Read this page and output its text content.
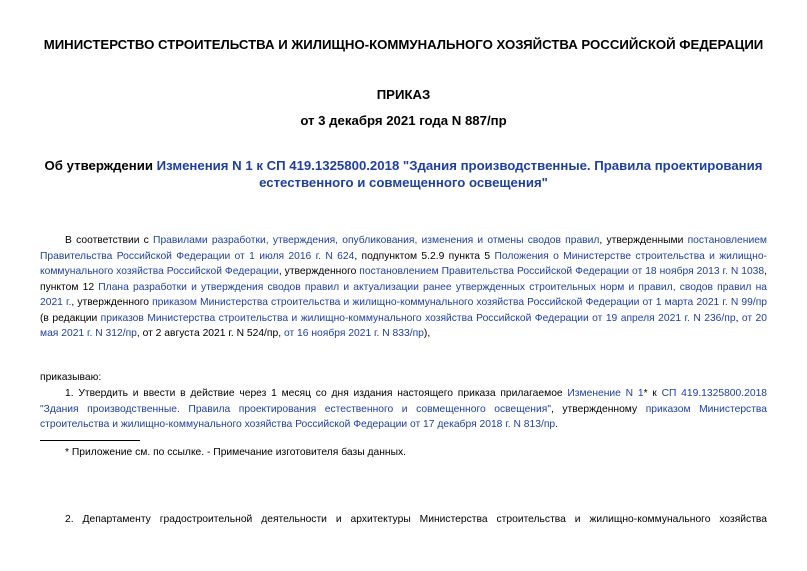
МИНИСТЕРСТВО СТРОИТЕЛЬСТВА И ЖИЛИЩНО-КОММУНАЛЬНОГО ХОЗЯЙСТВА РОССИЙСКОЙ ФЕДЕРАЦИИ
ПРИКАЗ
от 3 декабря 2021 года N 887/пр
Об утверждении Изменения N 1 к СП 419.1325800.2018 "Здания производственные. Правила проектирования естественного и совмещенного освещения"
В соответствии с Правилами разработки, утверждения, опубликования, изменения и отмены сводов правил, утвержденными постановлением Правительства Российской Федерации от 1 июля 2016 г. N 624, подпунктом 5.2.9 пункта 5 Положения о Министерстве строительства и жилищно-коммунального хозяйства Российской Федерации, утвержденного постановлением Правительства Российской Федерации от 18 ноября 2013 г. N 1038, пунктом 12 Плана разработки и утверждения сводов правил и актуализации ранее утвержденных строительных норм и правил, сводов правил на 2021 г., утвержденного приказом Министерства строительства и жилищно-коммунального хозяйства Российской Федерации от 1 марта 2021 г. N 99/пр (в редакции приказов Министерства строительства и жилищно-коммунального хозяйства Российской Федерации от 19 апреля 2021 г. N 236/пр, от 20 мая 2021 г. N 312/пр, от 2 августа 2021 г. N 524/пр, от 16 ноября 2021 г. N 833/пр),
приказываю:
1. Утвердить и ввести в действие через 1 месяц со дня издания настоящего приказа прилагаемое Изменение N 1* к СП 419.1325800.2018 "Здания производственные. Правила проектирования естественного и совмещенного освещения", утвержденному приказом Министерства строительства и жилищно-коммунального хозяйства Российской Федерации от 17 декабря 2018 г. N 813/пр.
* Приложение см. по ссылке. - Примечание изготовителя базы данных.
2. Департаменту градостроительной деятельности и архитектуры Министерства строительства и жилищно-коммунального хозяйства
